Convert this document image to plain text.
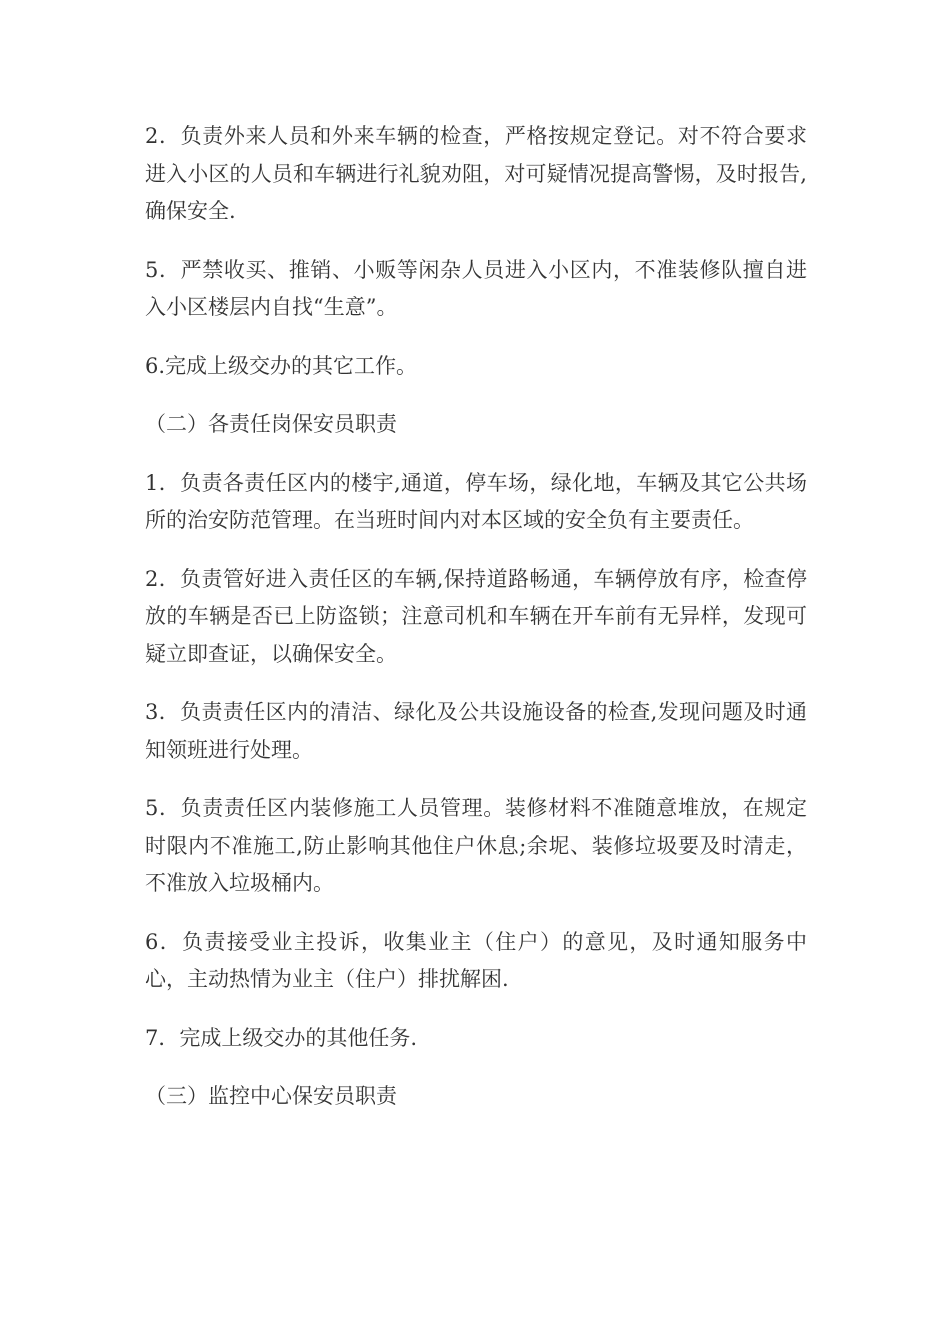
2．负责外来人员和外来车辆的检查，严格按规定登记。对不符合要求进入小区的人员和车辆进行礼貌劝阻，对可疑情况提高警惕，及时报告,确保安全.

5．严禁收买、推销、小贩等闲杂人员进入小区内，不准装修队擅自进入小区楼层内自找“生意”。

6.完成上级交办的其它工作。

（二）各责任岗保安员职责

1．负责各责任区内的楼宇,通道，停车场，绿化地，车辆及其它公共场所的治安防范管理。在当班时间内对本区域的安全负有主要责任。

2．负责管好进入责任区的车辆,保持道路畅通，车辆停放有序，检查停放的车辆是否已上防盗锁；注意司机和车辆在开车前有无异样，发现可疑立即查证，以确保安全。

3．负责责任区内的清洁、绿化及公共设施设备的检查,发现问题及时通知领班进行处理。

5．负责责任区内装修施工人员管理。装修材料不准随意堆放，在规定时限内不准施工,防止影响其他住户休息;余坭、装修垃圾要及时清走，不准放入垃圾桶内。

6．负责接受业主投诉，收集业主（住户）的意见，及时通知服务中心，主动热情为业主（住户）排扰解困.

7．完成上级交办的其他任务.

（三）监控中心保安员职责
